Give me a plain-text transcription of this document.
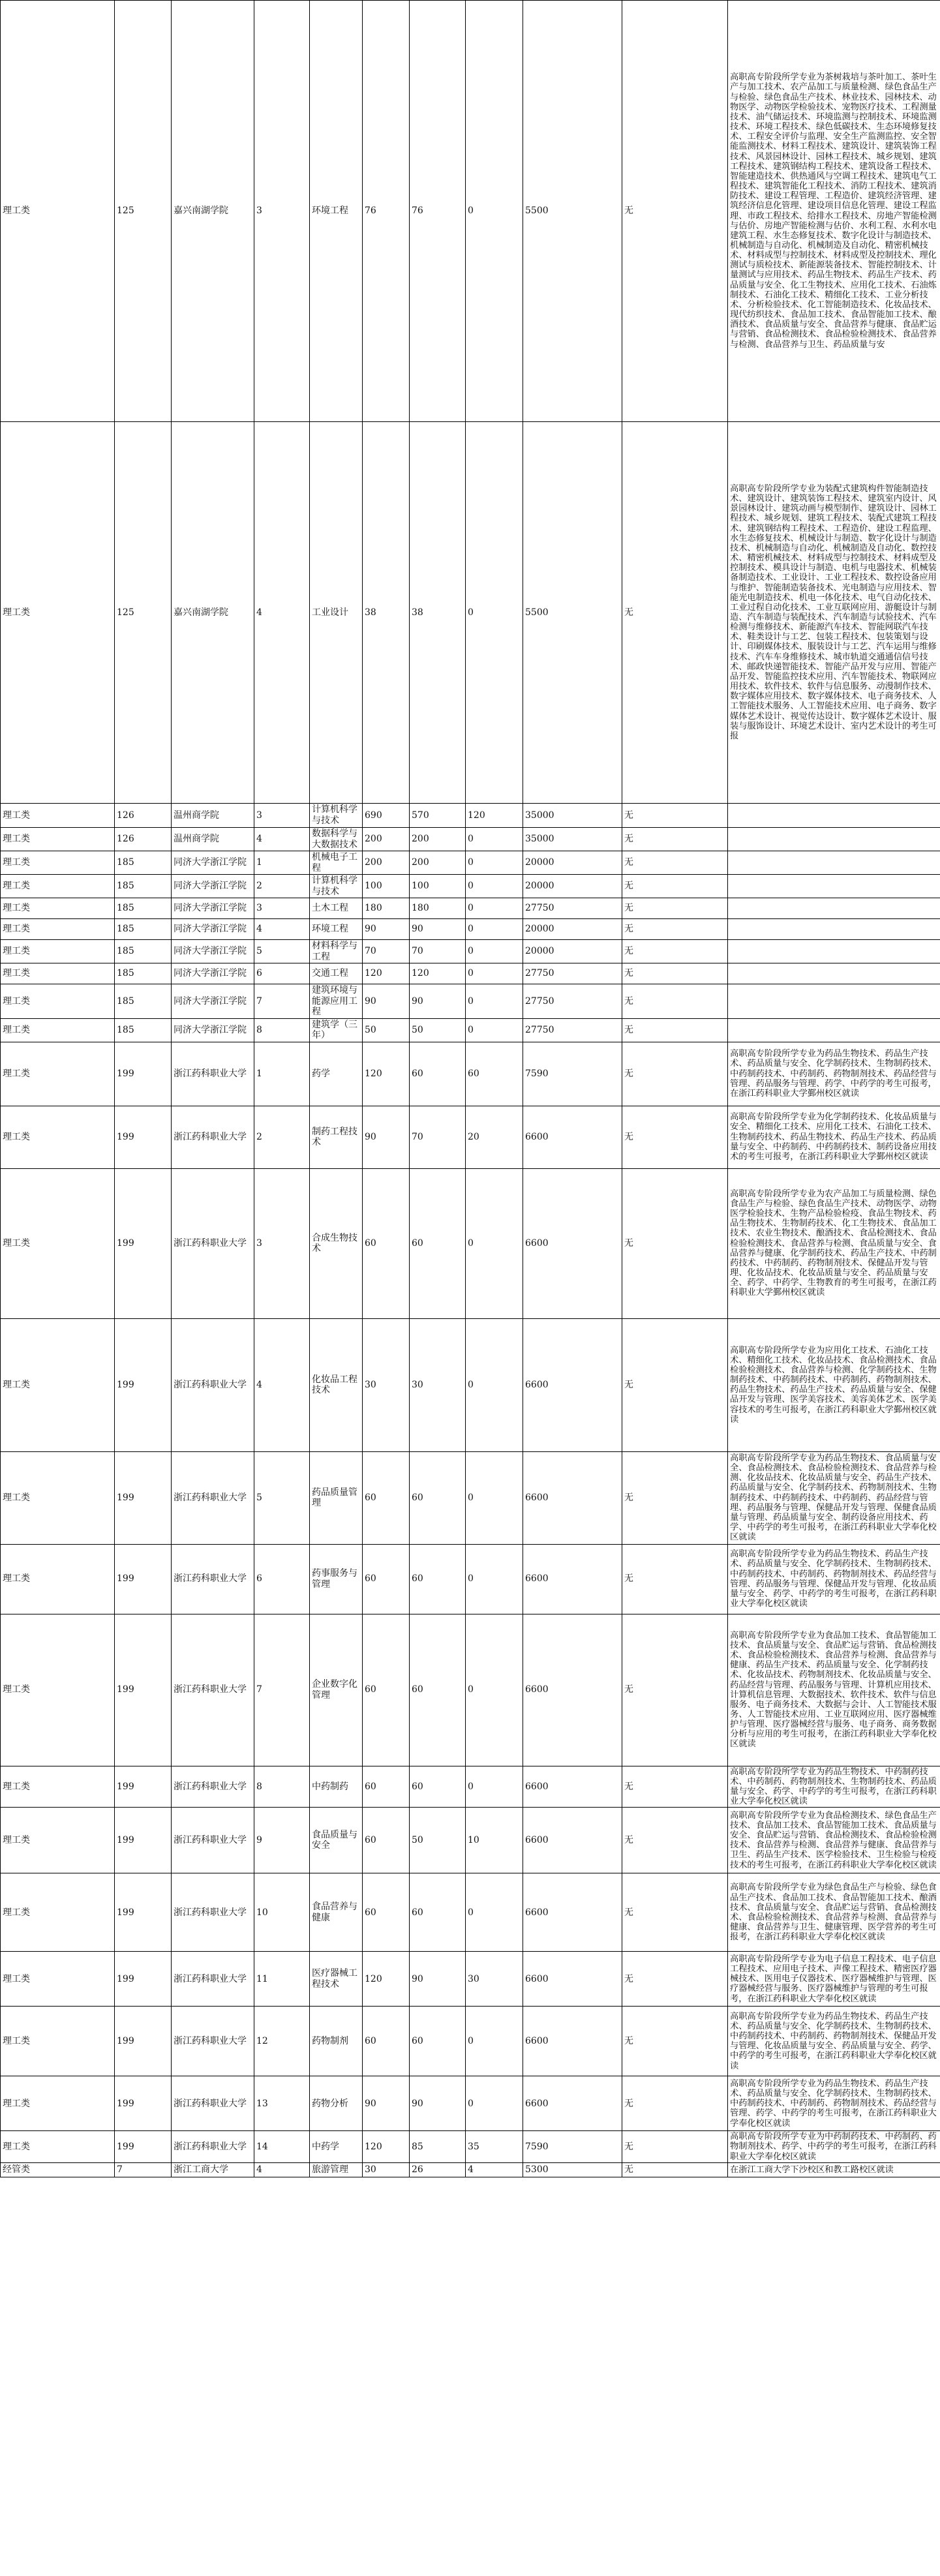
理工类	125	嘉兴南湖学院	3	环境工程	76	76	0	5500	无	高职高专阶段所学专业为茶树栽培与茶叶加工、茶叶生产与加工技术、农产品加工与质量检测、绿色食品生产与检验、绿色食品生产技术、林业技术、园林技术、动物医学、动物医学检验技术、宠物医疗技术、工程测量技术、油气储运技术、环境监测与控制技术、环境监测技术、环境工程技术、绿色低碳技术、生态环境修复技术、工程安全评价与监理、安全生产监测监控、安全智能监测技术、材料工程技术、建筑设计、建筑装饰工程技术、风景园林设计、园林工程技术、城乡规划、建筑工程技术、建筑钢结构工程技术、建筑设备工程技术、智能建造技术、供热通风与空调工程技术、建筑电气工程技术、建筑智能化工程技术、消防工程技术、建筑消防技术、建设工程管理、工程造价、建筑经济管理、建筑经济信息化管理、建设项目信息化管理、建设工程监理、市政工程技术、给排水工程技术、房地产智能检测与估价、房地产智能检测与估价、水利工程、水利水电建筑工程、水生态修复技术、数字化设计与制造技术、机械制造与自动化、机械制造及自动化、精密机械技术、材料成型与控制技术、材料成型及控制技术、理化测试与质检技术、新能源装备技术、智能控制技术、计量测试与应用技术、药品生物技术、药品生产技术、药品质量与安全、化工生物技术、应用化工技术、石油炼制技术、石油化工技术、精细化工技术、工业分析技术、分析检验技术、化工智能制造技术、化妆品技术、现代纺织技术、食品加工技术、食品智能加工技术、酿酒技术、食品质量与安全、食品营养与健康、食品贮运与营销、食品检测技术、食品检验检测技术、食品营养与检测、食品营养与卫生、药品质量与安
理工类	125	嘉兴南湖学院	4	工业设计	38	38	0	5500	无	高职高专阶段所学专业为装配式建筑构件智能制造技术、建筑设计、建筑装饰工程技术、建筑室内设计、风景园林设计、建筑动画与模型制作、建筑设计、园林工程技术、城乡规划、建筑工程技术、装配式建筑工程技术、建筑钢结构工程技术、工程造价、建设工程监理、水生态修复技术、机械设计与制造、数字化设计与制造技术、机械制造与自动化、机械制造及自动化、数控技术、精密机械技术、材料成型与控制技术、材料成型及控制技术、模具设计与制造、电机与电器技术、机械装备制造技术、工业设计、工业工程技术、数控设备应用与维护、智能制造装备技术、光电制造与应用技术、智能光电制造技术、机电一体化技术、电气自动化技术、工业过程自动化技术、工业互联网应用、游艇设计与制造、汽车制造与装配技术、汽车制造与试验技术、汽车检测与维修技术、新能源汽车技术、智能网联汽车技术、鞋类设计与工艺、包装工程技术、包装策划与设计、印刷媒体技术、服装设计与工艺、汽车运用与维修技术、汽车车身维修技术、城市轨道交通通信信号技术、邮政快递智能技术、智能产品开发与应用、智能产品开发、智能监控技术应用、汽车智能技术、物联网应用技术、软件技术、软件与信息服务、动漫制作技术、数字媒体应用技术、数字媒体技术、电子商务技术、人工智能技术服务、人工智能技术应用、电子商务、数字媒体艺术设计、视觉传达设计、数字媒体艺术设计、服装与服饰设计、环境艺术设计、室内艺术设计的考生可报
理工类	126	温州商学院	3	计算机科学与技术	690	570	120	35000	无	
理工类	126	温州商学院	4	数据科学与大数据技术	200	200	0	35000	无	
理工类	185	同济大学浙江学院	1	机械电子工程	200	200	0	20000	无	
理工类	185	同济大学浙江学院	2	计算机科学与技术	100	100	0	20000	无	
理工类	185	同济大学浙江学院	3	土木工程	180	180	0	27750	无	
理工类	185	同济大学浙江学院	4	环境工程	90	90	0	20000	无	
理工类	185	同济大学浙江学院	5	材料科学与工程	70	70	0	20000	无	
理工类	185	同济大学浙江学院	6	交通工程	120	120	0	27750	无	
理工类	185	同济大学浙江学院	7	建筑环境与能源应用工程	90	90	0	27750	无	
理工类	185	同济大学浙江学院	8	建筑学（三年）	50	50	0	27750	无	
理工类	199	浙江药科职业大学	1	药学	120	60	60	7590	无	高职高专阶段所学专业为药品生物技术、药品生产技术、药品质量与安全、化学制药技术、生物制药技术、中药制药技术、中药制药、药物制剂技术、药品经营与管理、药品服务与管理、药学、中药学的考生可报考，在浙江药科职业大学鄞州校区就读
理工类	199	浙江药科职业大学	2	制药工程技术	90	70	20	6600	无	高职高专阶段所学专业为化学制药技术、化妆品质量与安全、精细化工技术、应用化工技术、石油化工技术、生物制药技术、药品生物技术、药品生产技术、药品质量与安全、中药制药、中药制药技术、制药设备应用技术的考生可报考，在浙江药科职业大学鄞州校区就读
理工类	199	浙江药科职业大学	3	合成生物技术	60	60	0	6600	无	高职高专阶段所学专业为农产品加工与质量检测、绿色食品生产与检验、绿色食品生产技术、动物医学、动物医学检验技术、生物产品检验检疫、食品生物技术、药品生物技术、生物制药技术、化工生物技术、食品加工技术、农业生物技术、酿酒技术、食品检测技术、食品检验检测技术、食品营养与检测、食品质量与安全、食品营养与健康、化学制药技术、药品生产技术、中药制药技术、中药制药、药物制剂技术、保健品开发与管理、化妆品技术、化妆品质量与安全、药品质量与安全、药学、中药学、生物教育的考生可报考，在浙江药科职业大学鄞州校区就读
理工类	199	浙江药科职业大学	4	化妆品工程技术	30	30	0	6600	无	高职高专阶段所学专业为应用化工技术、石油化工技术、精细化工技术、化妆品技术、食品检测技术、食品检验检测技术、食品营养与检测、化学制药技术、生物制药技术、中药制药技术、中药制药、药物制剂技术、药品生物技术、药品生产技术、药品质量与安全、保健品开发与管理、医学美容技术、美容美体艺术、医学美容技术的考生可报考，在浙江药科职业大学鄞州校区就读
理工类	199	浙江药科职业大学	5	药品质量管理	60	60	0	6600	无	高职高专阶段所学专业为药品生物技术、食品质量与安全、食品检测技术、食品检验检测技术、食品营养与检测、化妆品技术、化妆品质量与安全、药品生产技术、药品质量与安全、化学制药技术、药物制剂技术、生物制药技术、中药制药技术、中药制药、药品经营与管理、药品服务与管理、保健品开发与管理、保健食品质量与管理、药品质量与安全、制药设备应用技术、药学、中药学的考生可报考，在浙江药科职业大学奉化校区就读
理工类	199	浙江药科职业大学	6	药事服务与管理	60	60	0	6600	无	高职高专阶段所学专业为药品生物技术、药品生产技术、药品质量与安全、化学制药技术、生物制药技术、中药制药技术、中药制药、药物制剂技术、药品经营与管理、药品服务与管理、保健品开发与管理、化妆品质量与安全、药学、中药学的考生可报考，在浙江药科职业大学奉化校区就读
理工类	199	浙江药科职业大学	7	企业数字化管理	60	60	0	6600	无	高职高专阶段所学专业为食品加工技术、食品智能加工技术、食品质量与安全、食品贮运与营销、食品检测技术、食品检验检测技术、食品营养与检测、食品营养与健康、药品生产技术、药品质量与安全、化学制药技术、化妆品技术、药物制剂技术、化妆品质量与安全、药品经营与管理、药品服务与管理、计算机应用技术、计算机信息管理、大数据技术、软件技术、软件与信息服务、电子商务技术、大数据与会计、人工智能技术服务、人工智能技术应用、工业互联网应用、医疗器械维护与管理、医疗器械经营与服务、电子商务、商务数据分析与应用的考生可报考，在浙江药科职业大学奉化校区就读
理工类	199	浙江药科职业大学	8	中药制药	60	60	0	6600	无	高职高专阶段所学专业为药品生物技术、中药制药技术、中药制药、药物制剂技术、生物制药技术、药品质量与安全、药学、中药学的考生可报考，在浙江药科职业大学奉化校区就读
理工类	199	浙江药科职业大学	9	食品质量与安全	60	50	10	6600	无	高职高专阶段所学专业为食品检测技术、绿色食品生产技术、食品加工技术、食品智能加工技术、食品质量与安全、食品贮运与营销、食品检测技术、食品检验检测技术、食品营养与检测、食品营养与健康、食品营养与卫生、药品生产技术、医学检验技术、卫生检验与检疫技术的考生可报考，在浙江药科职业大学奉化校区就读
理工类	199	浙江药科职业大学	10	食品营养与健康	60	60	0	6600	无	高职高专阶段所学专业为绿色食品生产与检验、绿色食品生产技术、食品加工技术、食品智能加工技术、酿酒技术、食品质量与安全、食品贮运与营销、食品检测技术、食品检验检测技术、食品营养与检测、食品营养与健康、食品营养与卫生、健康管理、医学营养的考生可报考，在浙江药科职业大学奉化校区就读
理工类	199	浙江药科职业大学	11	医疗器械工程技术	120	90	30	6600	无	高职高专阶段所学专业为电子信息工程技术、电子信息工程技术、应用电子技术、声像工程技术、精密医疗器械技术、医用电子仪器技术、医疗器械维护与管理、医疗器械经营与服务、医疗器械维护与管理的考生可报考，在浙江药科职业大学奉化校区就读
理工类	199	浙江药科职业大学	12	药物制剂	60	60	0	6600	无	高职高专阶段所学专业为药品生物技术、药品生产技术、药品质量与安全、化学制药技术、生物制药技术、中药制药技术、中药制药、药物制剂技术、保健品开发与管理、化妆品质量与安全、药品质量与安全、药学、中药学的考生可报考，在浙江药科职业大学奉化校区就读
理工类	199	浙江药科职业大学	13	药物分析	90	90	0	6600	无	高职高专阶段所学专业为药品生物技术、药品生产技术、药品质量与安全、化学制药技术、生物制药技术、中药制药技术、中药制药、药物制剂技术、药品经营与管理、药学、中药学的考生可报考，在浙江药科职业大学奉化校区就读
理工类	199	浙江药科职业大学	14	中药学	120	85	35	7590	无	高职高专阶段所学专业为中药制药技术、中药制药、药物制剂技术、药学、中药学的考生可报考，在浙江药科职业大学奉化校区就读
经管类	7	浙江工商大学	4	旅游管理	30	26	4	5300	无	在浙江工商大学下沙校区和教工路校区就读
